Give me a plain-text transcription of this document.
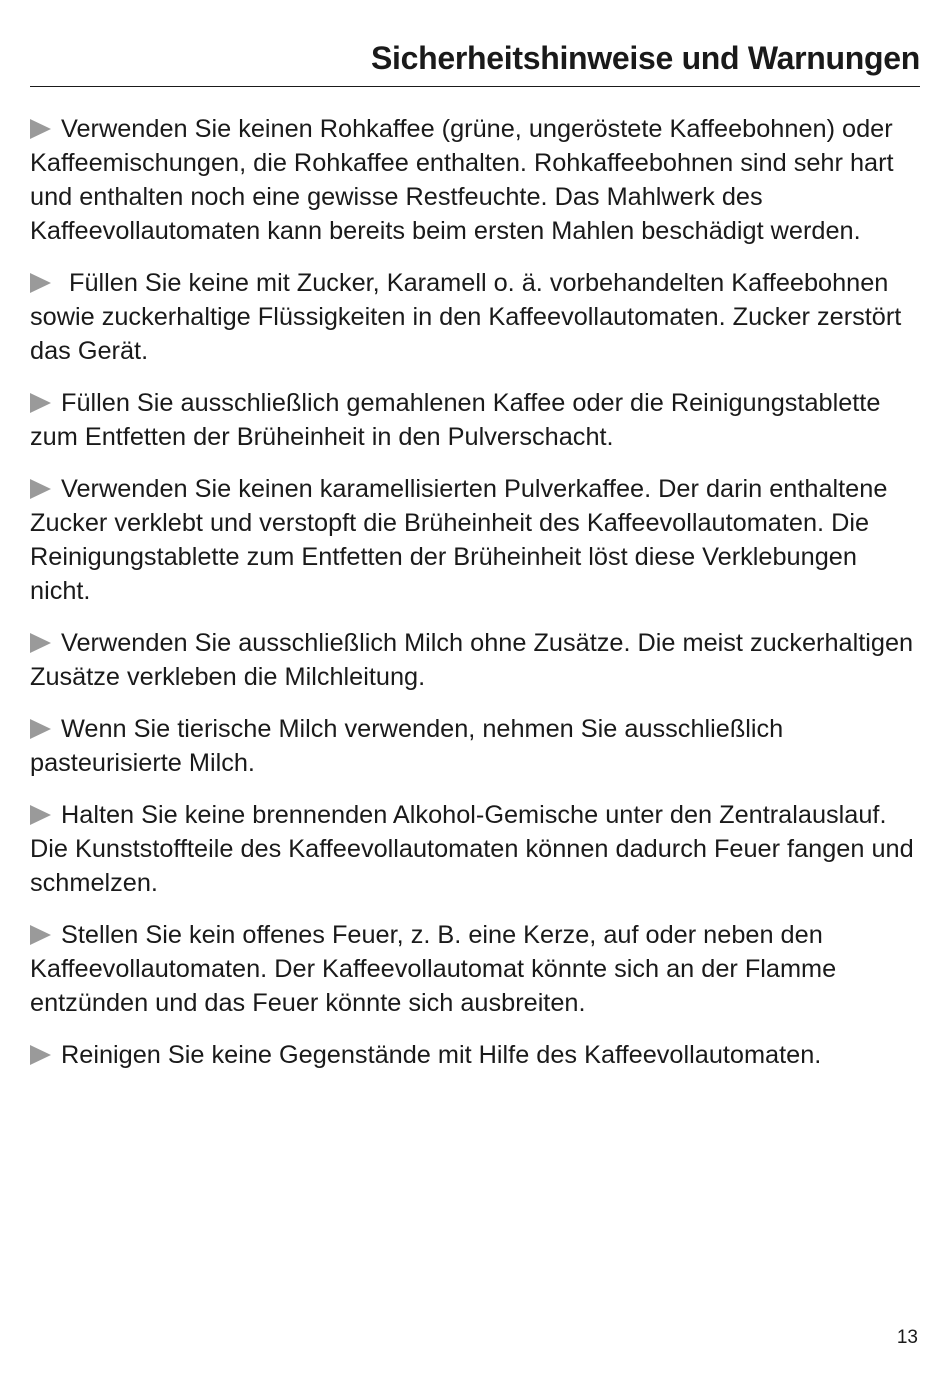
Sicherheitshinweise und Warnungen

Verwenden Sie keinen Rohkaffee (grüne, ungeröstete Kaffeebohnen) oder Kaffeemischungen, die Rohkaffee enthalten. Rohkaffeebohnen sind sehr hart und enthalten noch eine gewisse Restfeuchte. Das Mahlwerk des Kaffeevollautomaten kann bereits beim ersten Mahlen beschädigt werden.

Füllen Sie keine mit Zucker, Karamell o. ä. vorbehandelten Kaffeebohnen sowie zuckerhaltige Flüssigkeiten in den Kaffeevollautomaten. Zucker zerstört das Gerät.

Füllen Sie ausschließlich gemahlenen Kaffee oder die Reinigungstablette zum Entfetten der Brüheinheit in den Pulverschacht.

Verwenden Sie keinen karamellisierten Pulverkaffee. Der darin enthaltene Zucker verklebt und verstopft die Brüheinheit des Kaffeevollautomaten. Die Reinigungstablette zum Entfetten der Brüheinheit löst diese Verklebungen nicht.

Verwenden Sie ausschließlich Milch ohne Zusätze. Die meist zuckerhaltigen Zusätze verkleben die Milchleitung.

Wenn Sie tierische Milch verwenden, nehmen Sie ausschließlich pasteurisierte Milch.

Halten Sie keine brennenden Alkohol-Gemische unter den Zentralauslauf. Die Kunststoffteile des Kaffeevollautomaten können dadurch Feuer fangen und schmelzen.

Stellen Sie kein offenes Feuer, z. B. eine Kerze, auf oder neben den Kaffeevollautomaten. Der Kaffeevollautomat könnte sich an der Flamme entzünden und das Feuer könnte sich ausbreiten.

Reinigen Sie keine Gegenstände mit Hilfe des Kaffeevollautomaten.

13
